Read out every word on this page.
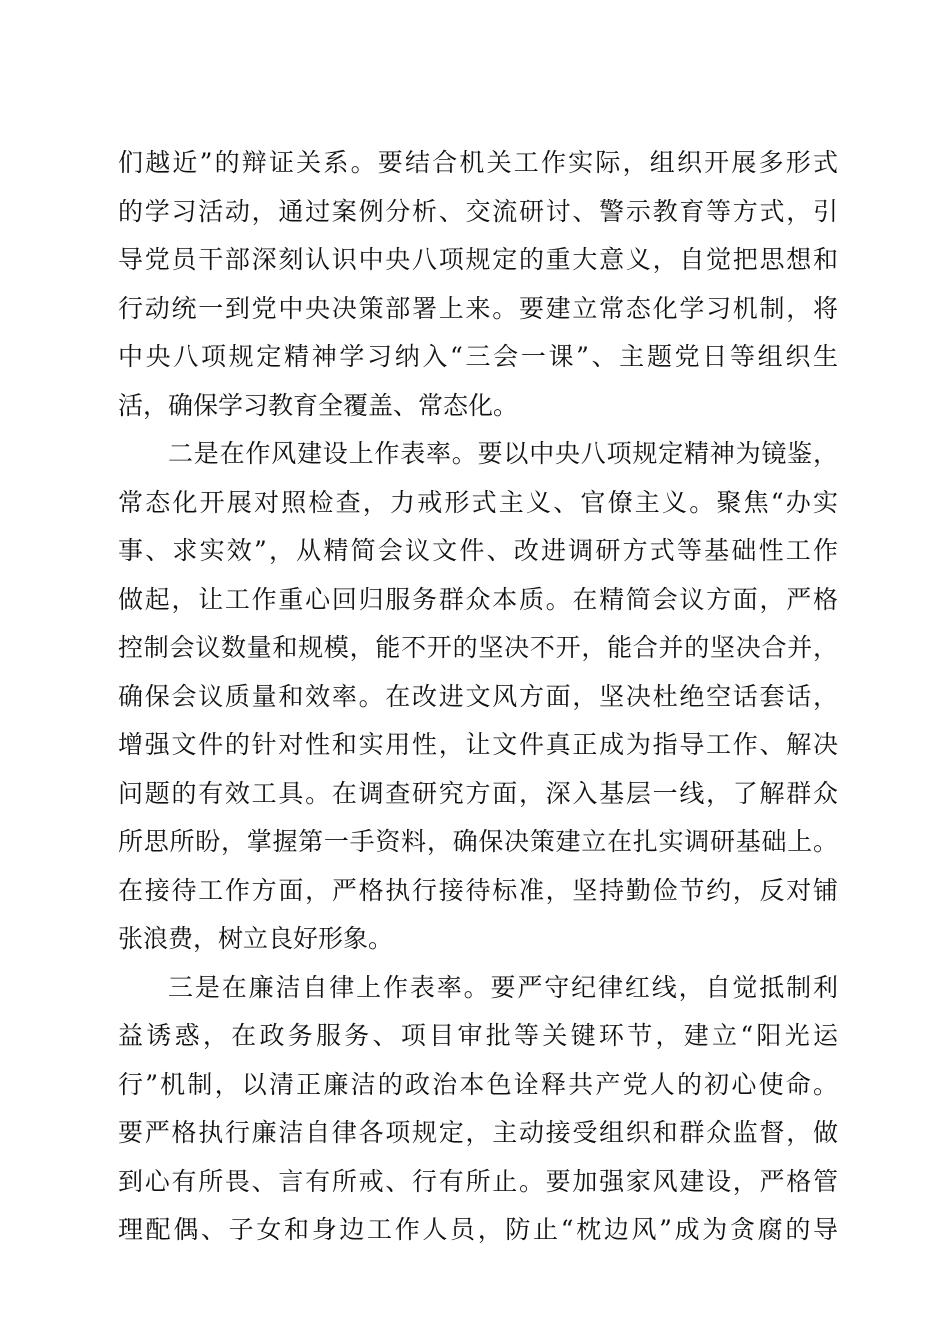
们越近”的辩证关系。要结合机关工作实际，组织开展多形式
的学习活动，通过案例分析、交流研讨、警示教育等方式，引
导党员干部深刻认识中央八项规定的重大意义，自觉把思想和
行动统一到党中央决策部署上来。要建立常态化学习机制，将
中央八项规定精神学习纳入“三会一课”、主题党日等组织生
活，确保学习教育全覆盖、常态化。
二是在作风建设上作表率。要以中央八项规定精神为镜鉴，
常态化开展对照检查，力戒形式主义、官僚主义。聚焦“办实
事、求实效”，从精简会议文件、改进调研方式等基础性工作
做起，让工作重心回归服务群众本质。在精简会议方面，严格
控制会议数量和规模，能不开的坚决不开，能合并的坚决合并，
确保会议质量和效率。在改进文风方面，坚决杜绝空话套话，
增强文件的针对性和实用性，让文件真正成为指导工作、解决
问题的有效工具。在调查研究方面，深入基层一线，了解群众
所思所盼，掌握第一手资料，确保决策建立在扎实调研基础上。
在接待工作方面，严格执行接待标准，坚持勤俭节约，反对铺
张浪费，树立良好形象。
三是在廉洁自律上作表率。要严守纪律红线，自觉抵制利
益诱惑，在政务服务、项目审批等关键环节，建立“阳光运
行”机制，以清正廉洁的政治本色诠释共产党人的初心使命。
要严格执行廉洁自律各项规定，主动接受组织和群众监督，做
到心有所畏、言有所戒、行有所止。要加强家风建设，严格管
理配偶、子女和身边工作人员，防止“枕边风”成为贪腐的导
